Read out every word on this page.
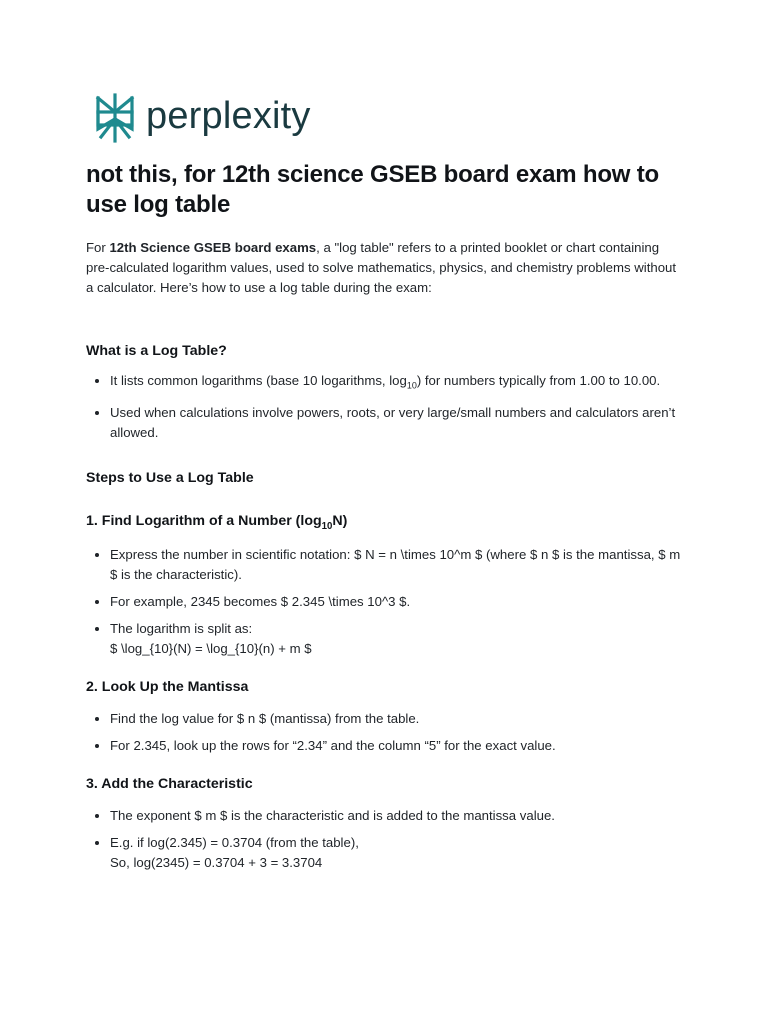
perplexity
not this, for 12th science GSEB board exam how to use log table

For 12th Science GSEB board exams, a "log table" refers to a printed booklet or chart containing pre-calculated logarithm values, used to solve mathematics, physics, and chemistry problems without a calculator. Here’s how to use a log table during the exam:

What is a Log Table?
It lists common logarithms (base 10 logarithms, $\log_{10}$) for numbers typically from 1.00 to 10.00.
Used when calculations involve powers, roots, or very large/small numbers and calculators aren’t allowed.
Steps to Use a Log Table
1. Find Logarithm of a Number $(\log_{10}N)$
Express the number in scientific notation: $ N = n \times 10^m $ (where $ n $ is the mantissa, $ m $ is the characteristic).
For example, 2345 becomes $ 2.345 \times 10^3 $.
The logarithm is split as:
$ \log_{10}(N) = \log_{10}(n) + m $
2. Look Up the Mantissa
Find the log value for $ n $ (mantissa) from the table.
For 2.345, look up the rows for “2.34” and the column “5” for the exact value.
3. Add the Characteristic
The exponent $ m $ is the characteristic and is added to the mantissa value.
E.g. if log(2.345) = 0.3704 (from the table),
So, log(2345) = 0.3704 + 3 = 3.3704
